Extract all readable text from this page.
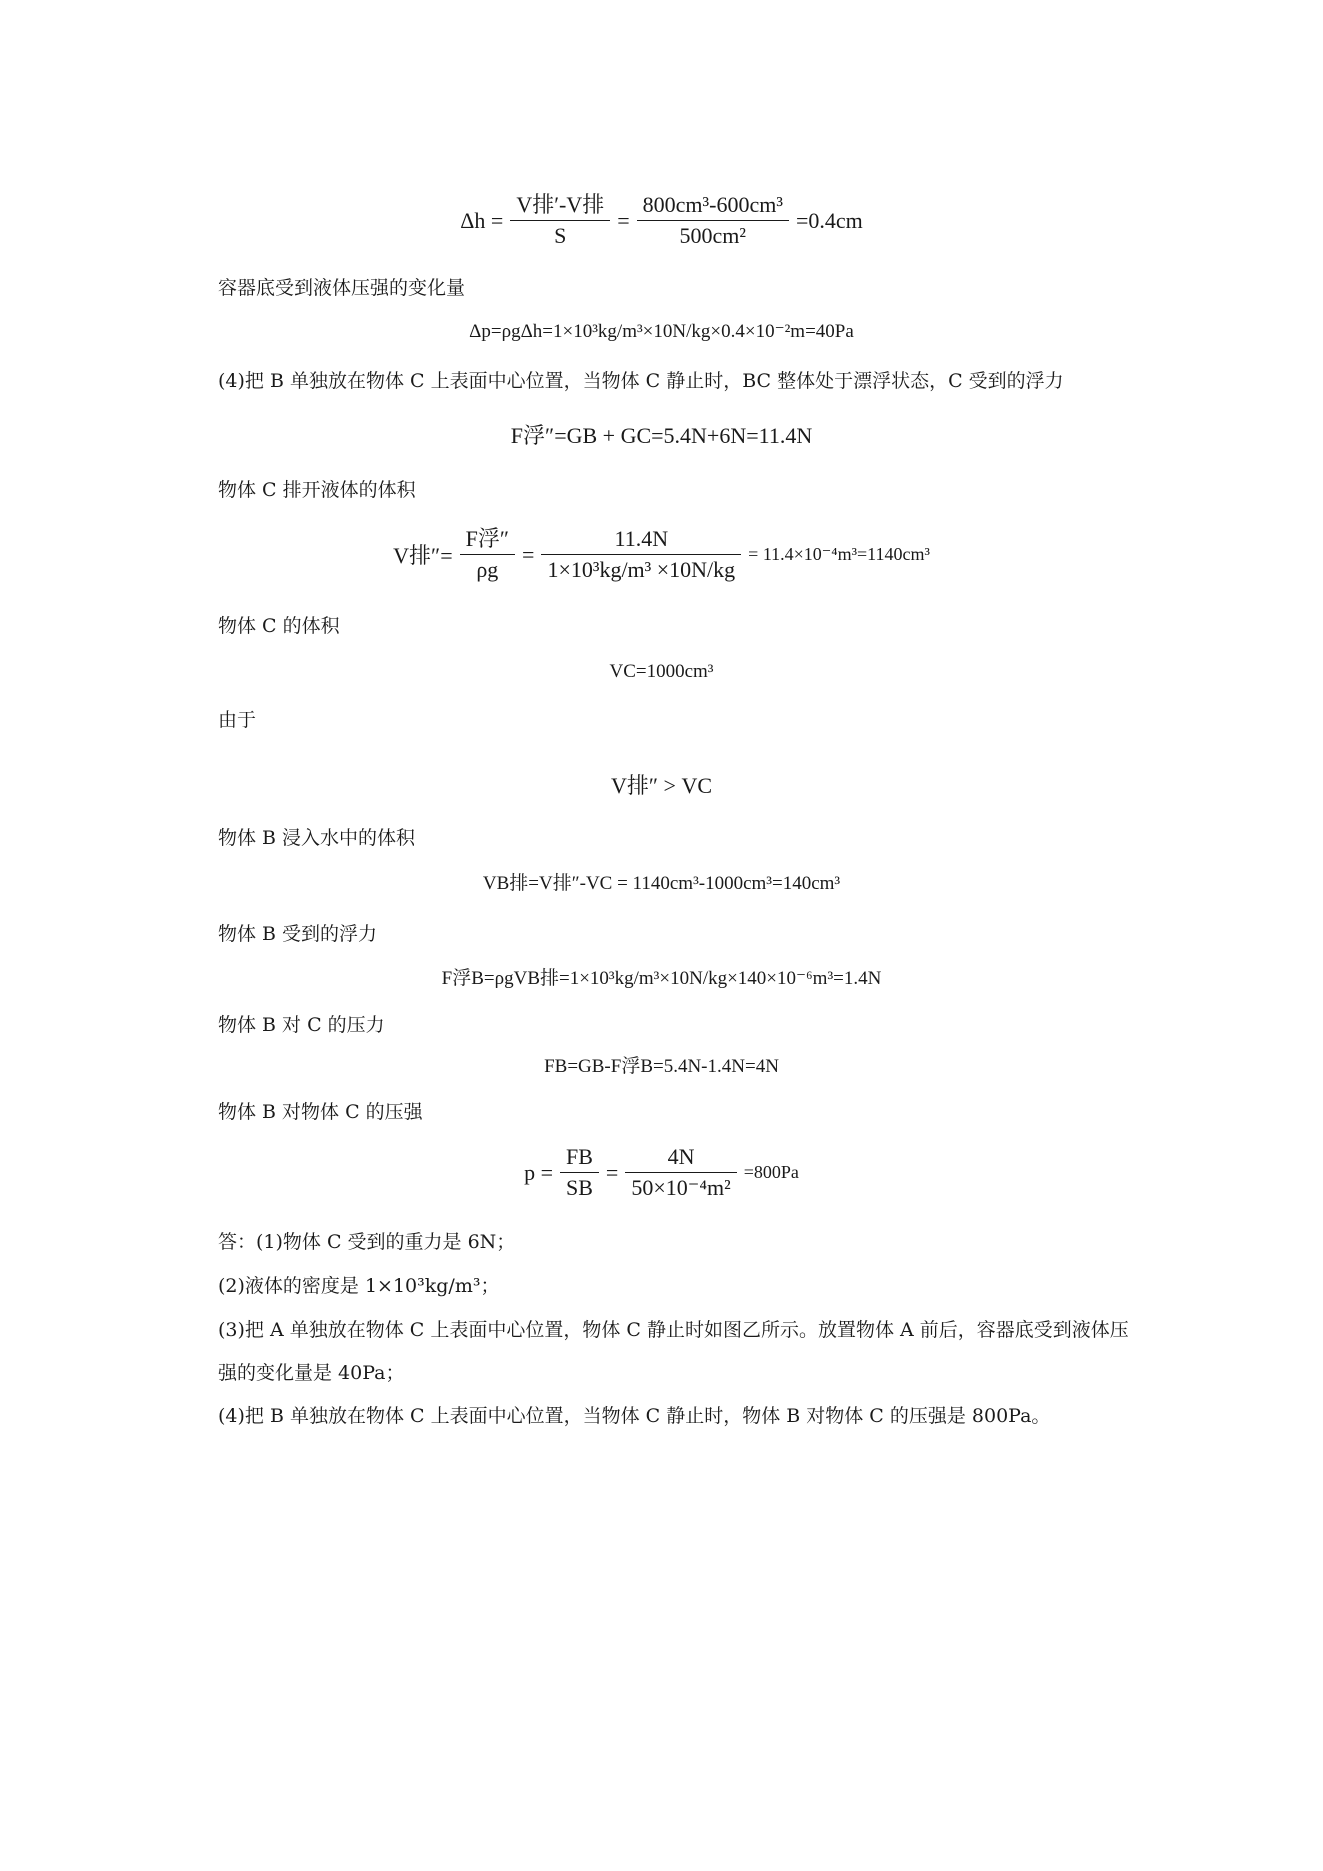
$\Delta h = \frac{\text{V排′-V排}}{S} = \frac{\text{800cm³-600cm³}}{\text{500cm²}} =0.4cm$
容器底受到液体压强的变化量
Δp=ρgΔh=1×10³kg/m³×10N/kg×0.4×10⁻²m=40Pa
(4)把 B 单独放在物体 C 上表面中心位置，当物体 C 静止时，BC 整体处于漂浮状态，C 受到的浮力
F浮″=GB + GC=5.4N+6N=11.4N
物体 C 排开液体的体积
V排″= $\frac{\text{F浮″}}{\rho g} = \frac{11.4N}{\text{1×10³kg/m³ ×10N/kg}} = 11.4\times 10^{-4}m^3=1140cm^3$
物体 C 的体积
VC=1000cm³
由于
V排″ > VC
物体 B 浸入水中的体积
VB排=V排″-VC = 1140cm³-1000cm³=140cm³
物体 B 受到的浮力
F浮B=ρgVB排=1×10³kg/m³×10N/kg×140×10⁻⁶m³=1.4N
物体 B 对 C 的压力
FB=GB-F浮B=5.4N-1.4N=4N
物体 B 对物体 C 的压强
$p = \frac{FB}{SB} = \frac{4N}{\text{50×10⁻⁴m²}} =800Pa$
答：(1)物体 C 受到的重力是 6N；
(2)液体的密度是 1×10³kg/m³；
(3)把 A 单独放在物体 C 上表面中心位置，物体 C 静止时如图乙所示。放置物体 A 前后，容器底受到液体压
强的变化量是 40Pa；
(4)把 B 单独放在物体 C 上表面中心位置，当物体 C 静止时，物体 B 对物体 C 的压强是 800Pa。
